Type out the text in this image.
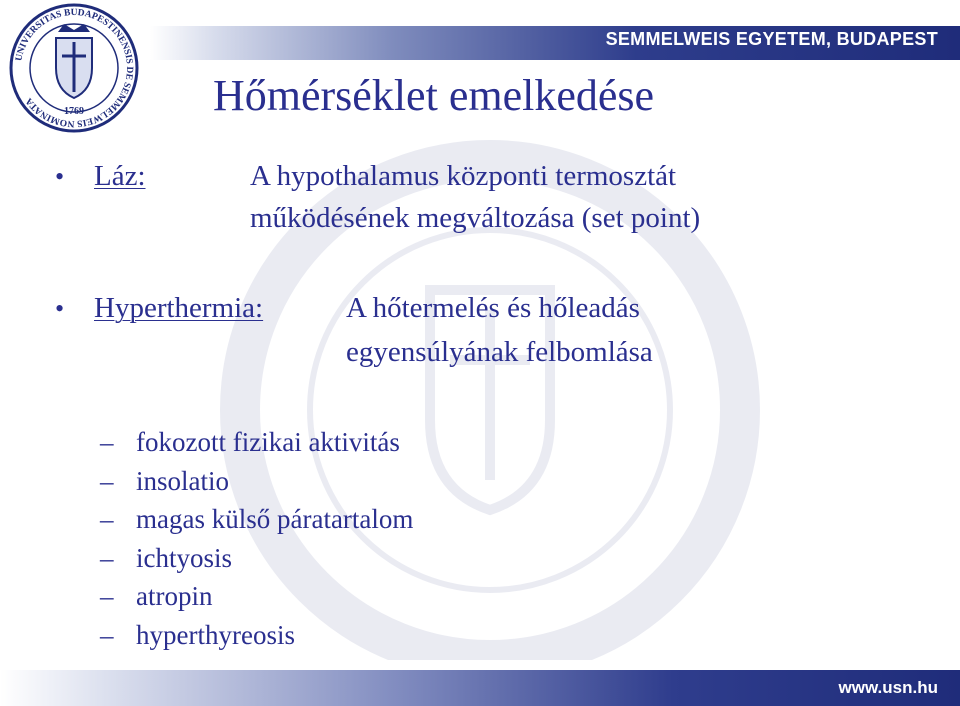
SEMMELWEIS EGYETEM, BUDAPEST
UNIVERSITAS BUDAPESTINENSIS DE SEMMELWEIS NOMINATA
1769	Hőmérséklet emelkedése
• Láz:	A hypothalamus központi termosztát
működésének megváltozása (set point)
• Hyperthermia:	A hőtermelés és hőleadás
egyensúlyának felbomlása
– fokozott fizikai aktivitás
– insolatio
– magas külső páratartalom
– ichtyosis
– atropin
– hyperthyreosis
www.usn.hu
